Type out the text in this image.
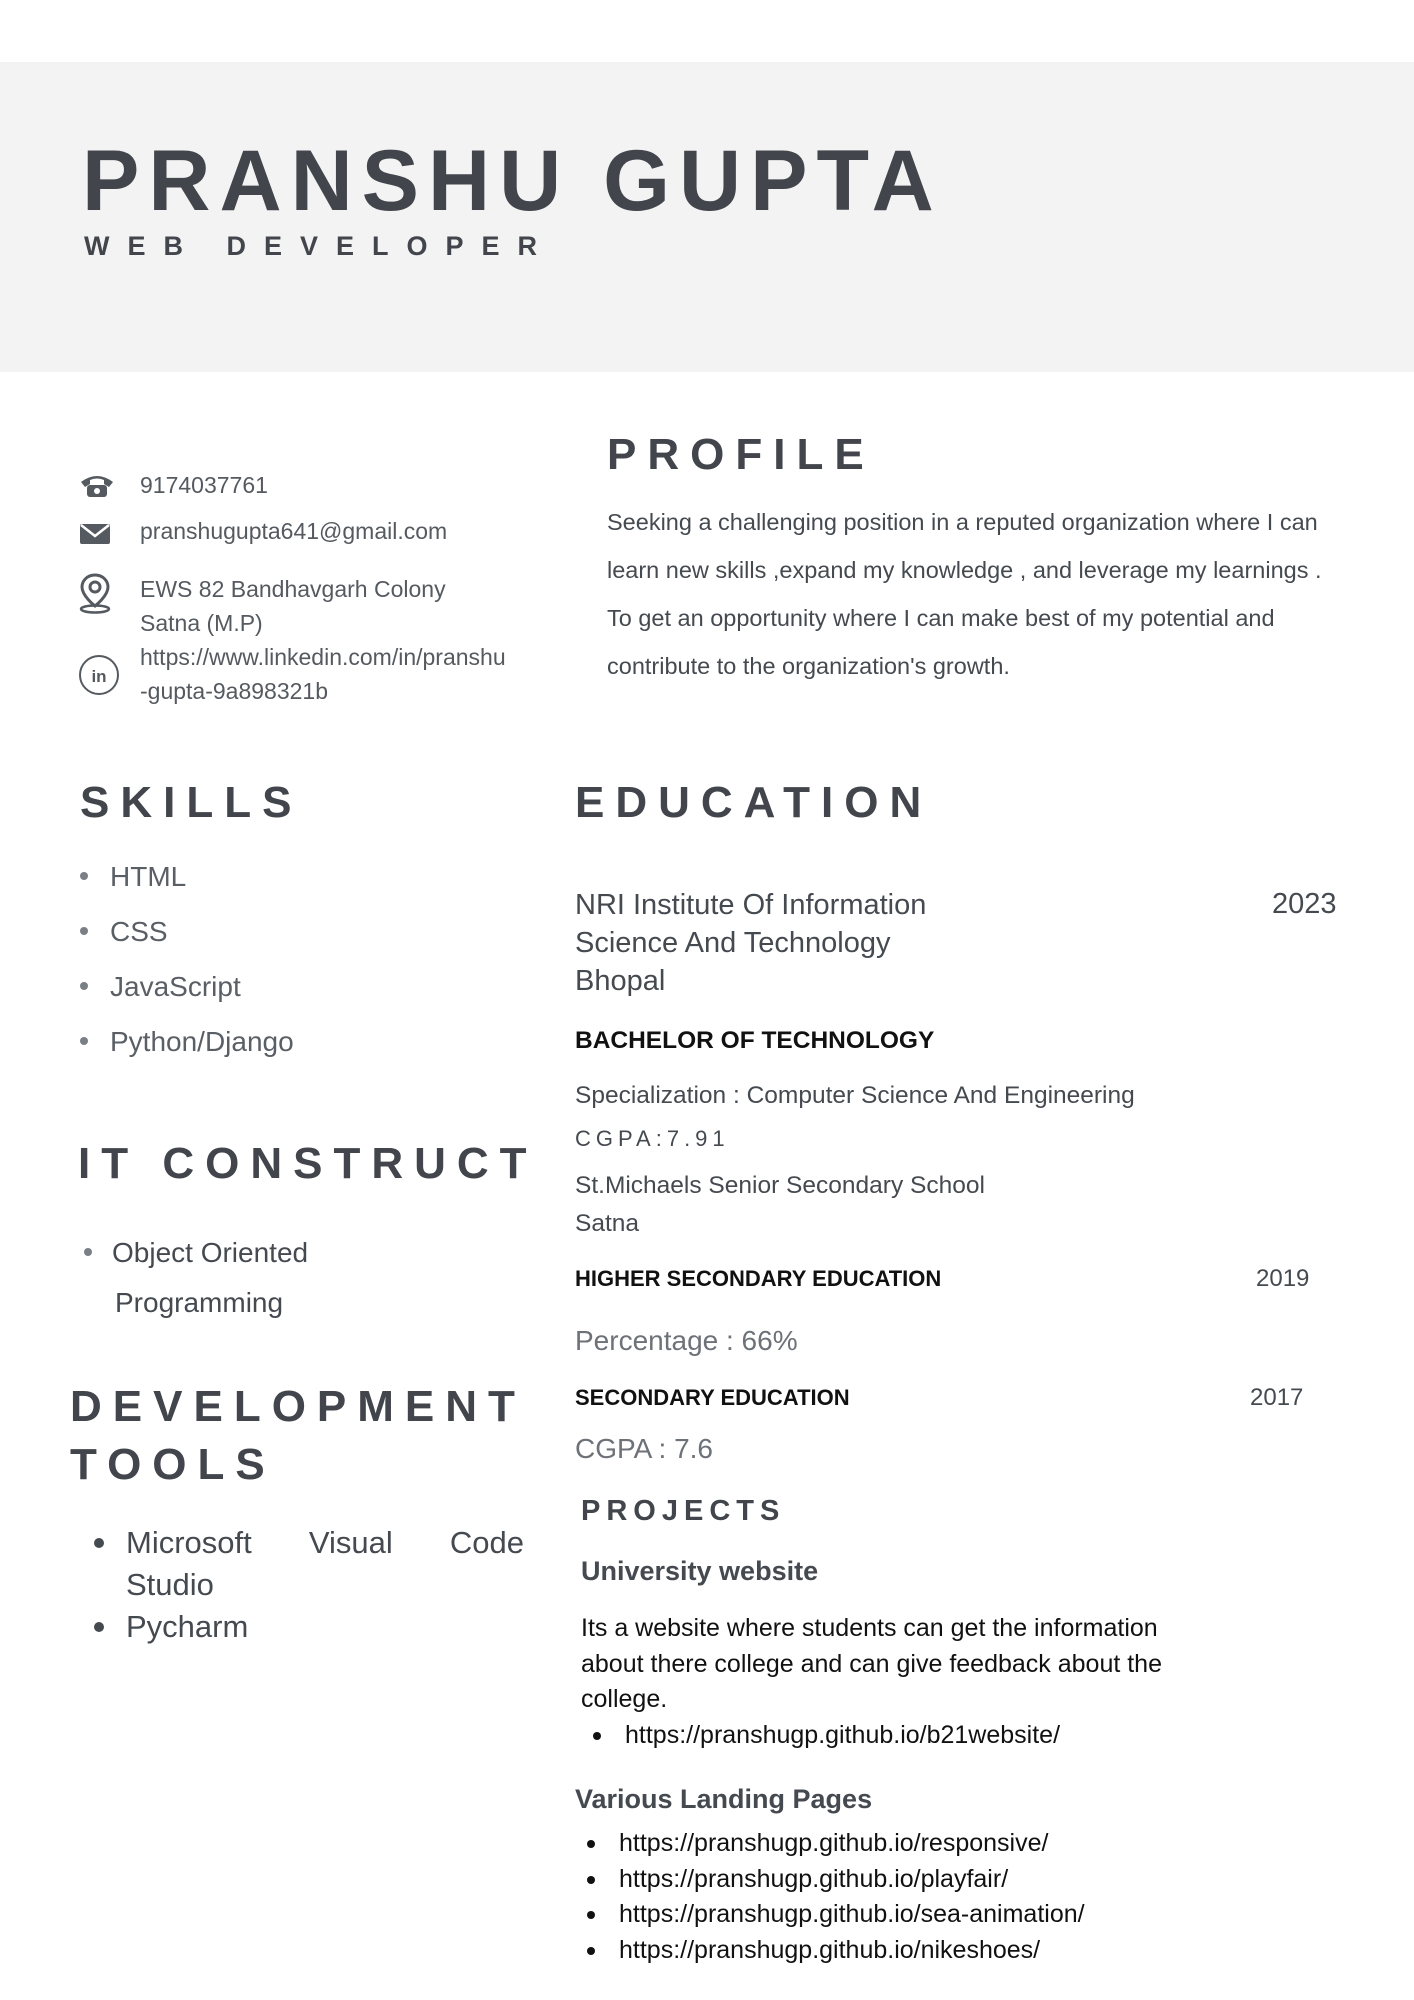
PRANSHU GUPTA
WEB DEVELOPER
9174037761
pranshugupta641@gmail.com
EWS 82 Bandhavgarh Colony
Satna (M.P)
in
https://www.linkedin.com/in/pranshu
-gupta-9a898321b
PROFILE
Seeking a challenging position in a reputed organization where I can learn new skills ,expand my knowledge , and leverage my learnings . To get an opportunity where I can make best of my potential and contribute to the organization's growth.
SKILLS
HTML
CSS
JavaScript
Python/Django
IT CONSTRUCT
Object Oriented
Programming
DEVELOPMENT
TOOLS
Microsoft Visual Code
Studio
Pycharm
EDUCATION
NRI Institute Of Information
Science And Technology
Bhopal
2023
BACHELOR OF TECHNOLOGY
Specialization : Computer Science And Engineering
CGPA:7.91
St.Michaels Senior Secondary School
Satna
HIGHER SECONDARY EDUCATION	2019
Percentage : 66%
SECONDARY EDUCATION	2017
CGPA : 7.6
PROJECTS
University website
Its a website where students can get the information about there college and can give feedback about the college.
https://pranshugp.github.io/b21website/
Various Landing Pages
https://pranshugp.github.io/responsive/
https://pranshugp.github.io/playfair/
https://pranshugp.github.io/sea-animation/
https://pranshugp.github.io/nikeshoes/
